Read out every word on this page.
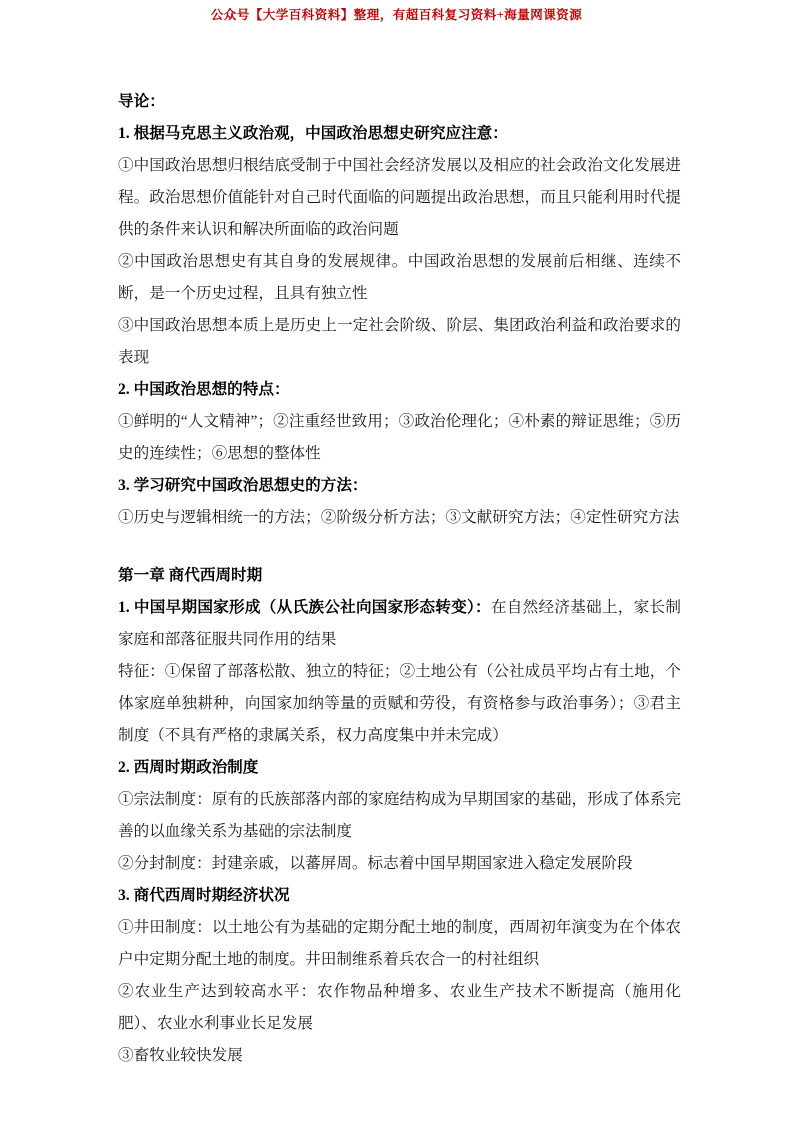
公众号【大学百科资料】整理，有超百科复习资料+海量网课资源

导论：

1. 根据马克思主义政治观，中国政治思想史研究应注意：

①中国政治思想归根结底受制于中国社会经济发展以及相应的社会政治文化发展进程。政治思想价值能针对自己时代面临的问题提出政治思想，而且只能利用时代提供的条件来认识和解决所面临的政治问题

②中国政治思想史有其自身的发展规律。中国政治思想的发展前后相继、连续不断，是一个历史过程，且具有独立性

③中国政治思想本质上是历史上一定社会阶级、阶层、集团政治利益和政治要求的表现

2. 中国政治思想的特点：

①鲜明的“人文精神”；②注重经世致用；③政治伦理化；④朴素的辩证思维；⑤历史的连续性；⑥思想的整体性

3. 学习研究中国政治思想史的方法：

①历史与逻辑相统一的方法；②阶级分析方法；③文献研究方法；④定性研究方法

第一章 商代西周时期

1. 中国早期国家形成（从氏族公社向国家形态转变）：在自然经济基础上，家长制家庭和部落征服共同作用的结果

特征：①保留了部落松散、独立的特征；②土地公有（公社成员平均占有土地，个体家庭单独耕种，向国家加纳等量的贡赋和劳役，有资格参与政治事务）；③君主制度（不具有严格的隶属关系，权力高度集中并未完成）

2. 西周时期政治制度

①宗法制度：原有的氏族部落内部的家庭结构成为早期国家的基础，形成了体系完善的以血缘关系为基础的宗法制度

②分封制度：封建亲戚，以蕃屏周。标志着中国早期国家进入稳定发展阶段

3. 商代西周时期经济状况

①井田制度：以土地公有为基础的定期分配土地的制度，西周初年演变为在个体农户中定期分配土地的制度。井田制维系着兵农合一的村社组织

②农业生产达到较高水平：农作物品种增多、农业生产技术不断提高（施用化肥）、农业水利事业长足发展

③畜牧业较快发展
